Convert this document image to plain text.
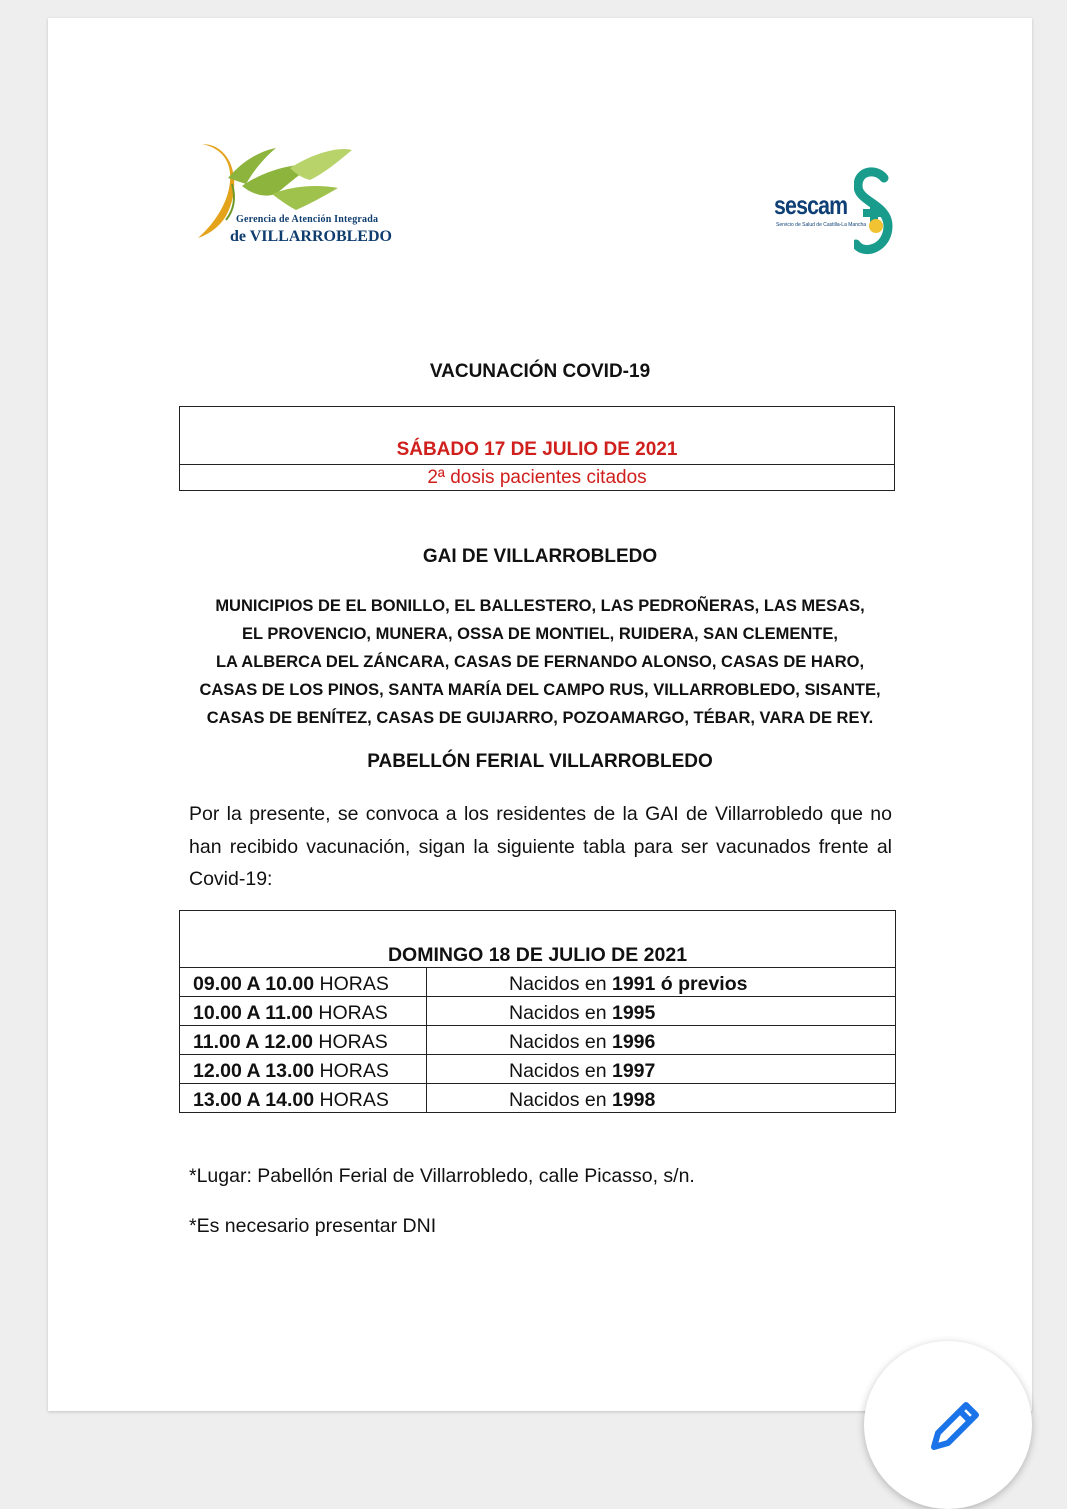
Gerencia de Atención Integrada
de VILLARROBLEDO
sescam
Servicio de Salud de Castilla-La Mancha
VACUNACIÓN COVID-19
SÁBADO 17 DE JULIO DE 2021
2ª dosis pacientes citados
GAI DE VILLARROBLEDO
MUNICIPIOS DE EL BONILLO, EL BALLESTERO, LAS PEDROÑERAS, LAS MESAS,
EL PROVENCIO, MUNERA, OSSA DE MONTIEL, RUIDERA, SAN CLEMENTE,
LA ALBERCA DEL ZÁNCARA, CASAS DE FERNANDO ALONSO, CASAS DE HARO,
CASAS DE LOS PINOS, SANTA MARÍA DEL CAMPO RUS, VILLARROBLEDO, SISANTE,
CASAS DE BENÍTEZ, CASAS DE GUIJARRO, POZOAMARGO, TÉBAR, VARA DE REY.
PABELLÓN FERIAL VILLARROBLEDO

Por la presente, se convoca a los residentes de la GAI de Villarrobledo que no han recibido vacunación, sigan la siguiente tabla para ser vacunados frente al Covid-19:

DOMINGO 18 DE JULIO DE 2021	
09.00 A 10.00 HORAS	Nacidos en 1991 ó previos
10.00 A 11.00 HORAS	Nacidos en 1995
11.00 A 12.00 HORAS	Nacidos en 1996
12.00 A 13.00 HORAS	Nacidos en 1997
13.00 A 14.00 HORAS	Nacidos en 1998
*Lugar: Pabellón Ferial de Villarrobledo, calle Picasso, s/n.
*Es necesario presentar DNI
